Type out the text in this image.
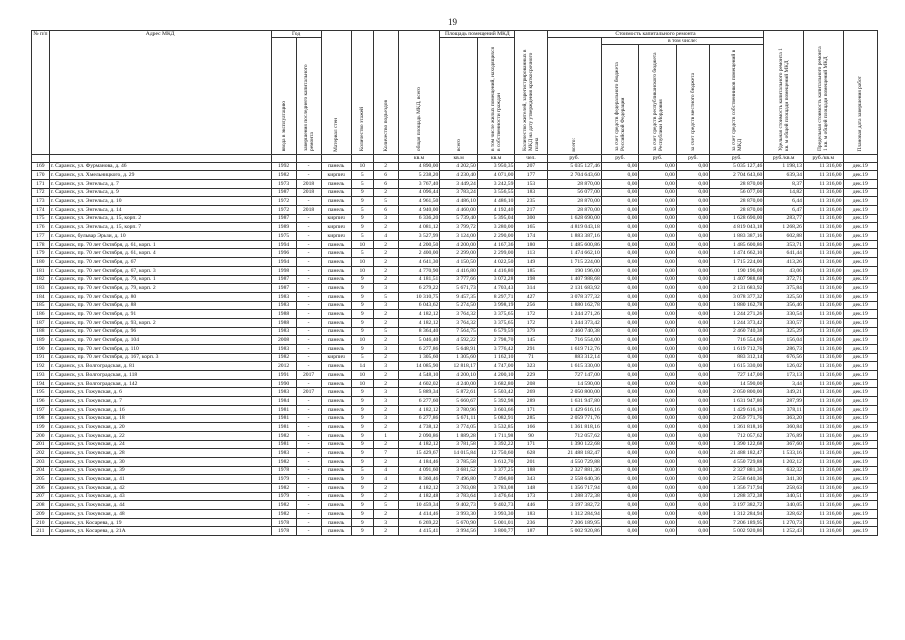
19
№ п/п	Адрес МКД	Год		Материал стен	Количество этажей	Количество подъездов	общая площадь МКД, всего	Площадь помещений МКД		Количество жителей, зарегистрированных в МКД на дату утверждения краткосрочного плана	Стоимость капитального ремонта					Удельная стоимость капитального ремонта 1 кв. м общей площади помещений МКД	Предельная стоимость капитального ремонта 1 кв. м общей площади помещений МКД	Плановая дата завершения работ
		ввода в эксплуатацию	завершения последнего капитального ремонта					всего	в том числе жилых помещений, находящихся в собственности граждан		всего:	в том числе:						
												за счет средств федерального бюджета Российской Федерации	за счет средств республиканского бюджета Республики Мордовия	за счет средств местного бюджета	за счет средств собственников помещений в МКД			
							кв.м	кв.м	кв.м	чел.	руб.	руб.	руб.	руб.	руб.	руб./кв.м	руб./кв.м	
169	г. Саранск, ул. Фурманова, д. 46	1992	-	панель	10	2	4 890,00	4 202,50	3 950,35	207	5 035 127,46	0,00	0,00	0,00	5 035 127,46	1 198,13	11 316,00	дек.19
170	г. Саранск, ул. Хмельницкого, д. 29	1982	-	кирпич	5	6	5 238,20	4 230,40	4 071,00	177	2 704 643,60	0,00	0,00	0,00	2 704 643,60	639,34	11 316,00	дек.19
171	г. Саранск, ул. Энгельса, д. 7	1973	2018	панель	5	6	3 767,40	3 449,24	3 242,59	153	28 870,00	0,00	0,00	0,00	28 870,00	8,37	11 316,00	дек.19
172	г. Саранск, ул. Энгельса, д. 9	1987	2018	панель	9	2	4 096,44	3 783,24	3 556,55	183	56 077,00	0,00	0,00	0,00	56 077,00	14,82	11 316,00	дек.19
173	г. Саранск, ул. Энгельса, д. 10	1972	-	панель	9	5	4 961,50	4 486,10	4 486,10	235	28 870,00	0,00	0,00	0,00	28 870,00	6,44	11 316,00	дек.19
174	г. Саранск, ул. Энгельса, д. 14	1972	2018	панель	5	6	4 940,00	4 460,00	4 192,40	217	28 870,00	0,00	0,00	0,00	28 870,00	6,47	11 316,00	дек.19
175	г. Саранск, ул. Энгельса, д. 15, корп. 2	1987	-	кирпич	9	3	6 336,20	5 739,40	5 395,04	300	1 628 690,00	0,00	0,00	0,00	1 628 690,00	283,77	11 316,00	дек.19
176	г. Саранск, ул. Энгельса, д. 15, корп. 7	1989	-	кирпич	9	2	4 081,12	3 799,72	3 280,00	165	4 819 043,18	0,00	0,00	0,00	4 819 043,18	1 268,26	11 316,00	дек.19
177	г. Саранск, бульвар Эрьзи, д. 10	1975	-	кирпич	5	4	3 527,99	3 124,00	2 290,00	174	1 883 387,16	0,00	0,00	0,00	1 883 387,16	602,88	11 316,00	дек.19
178	г. Саранск, пр. 70 лет Октября, д. 61, корп. 1	1994	-	панель	10	2	4 200,50	4 200,00	4 167,36	180	1 485 600,86	0,00	0,00	0,00	1 485 600,86	353,71	11 316,00	дек.19
179	г. Саранск, пр. 70 лет Октября, д. 61, корп. 4	1996	-	панель	5	2	2 400,00	2 299,00	2 299,00	113	1 474 662,10	0,00	0,00	0,00	1 474 662,10	641,44	11 316,00	дек.19
180	г. Саранск, пр. 70 лет Октября, д. 67	1994	-	панель	10	2	4 641,30	4 150,50	4 022,50	149	1 715 224,00	0,00	0,00	0,00	1 715 224,00	413,26	11 316,00	дек.19
181	г. Саранск, пр. 70 лет Октября, д. 67, корп. 3	1998	-	панель	10	2	4 770,90	4 416,80	4 416,80	185	190 196,00	0,00	0,00	0,00	190 196,00	43,06	11 316,00	дек.19
182	г. Саранск, пр. 70 лет Октября, д. 79, корп. 1	1987	-	панель	9	2	4 181,51	3 777,66	3 072,28	198	1 407 988,68	0,00	0,00	0,00	1 407 988,68	372,71	11 316,00	дек.19
183	г. Саранск, пр. 70 лет Октября, д. 79, корп. 2	1987	-	панель	9	3	6 279,22	5 671,73	4 703,43	314	2 131 683,92	0,00	0,00	0,00	2 131 683,92	375,84	11 316,00	дек.19
184	г. Саранск, пр. 70 лет Октября, д. 80	1983	-	панель	9	5	10 310,75	9 457,35	8 297,71	427	3 078 377,32	0,00	0,00	0,00	3 078 377,32	325,50	11 316,00	дек.19
185	г. Саранск, пр. 70 лет Октября, д. 88	1983	-	панель	9	3	6 043,62	5 274,50	3 998,19	256	1 880 162,78	0,00	0,00	0,00	1 880 162,78	356,46	11 316,00	дек.19
186	г. Саранск, пр. 70 лет Октября, д. 91	1988	-	панель	9	2	4 182,12	3 764,32	3 375,65	172	1 244 271,26	0,00	0,00	0,00	1 244 271,26	330,54	11 316,00	дек.19
187	г. Саранск, пр. 70 лет Октября, д. 93, корп. 2	1988	-	панель	9	2	4 182,12	3 764,32	3 375,65	172	1 244 373,42	0,00	0,00	0,00	1 244 373,42	330,57	11 316,00	дек.19
188	г. Саранск, пр. 70 лет Октября, д. 96	1983	-	панель	9	5	8 364,40	7 564,75	6 579,59	379	2 460 740,38	0,00	0,00	0,00	2 460 740,38	325,29	11 316,00	дек.19
189	г. Саранск, пр. 70 лет Октября, д. 104	2008	-	панель	10	2	5 046,40	4 592,22	2 798,70	145	716 554,00	0,00	0,00	0,00	716 554,00	156,04	11 316,00	дек.19
190	г. Саранск, пр. 70 лет Октября, д. 110	1983	-	панель	9	3	6 277,86	5 648,91	3 776,42	291	1 619 712,76	0,00	0,00	0,00	1 619 712,76	286,73	11 316,00	дек.19
191	г. Саранск, пр. 70 лет Октября, д. 167, корп. 3	1982	-	кирпич	5	2	1 305,60	1 305,60	1 162,10	71	883 312,14	0,00	0,00	0,00	883 312,14	676,56	11 316,00	дек.19
192	г. Саранск, ул. Волгоградская, д. 81	2012	-	панель	14	3	14 085,90	12 818,17	4 747,00	323	1 615 330,00	0,00	0,00	0,00	1 615 330,00	126,02	11 316,00	дек.19
193	г. Саранск, ул. Волгоградская, д. 118	1991	2017	панель	10	2	4 548,10	4 200,10	4 200,10	229	727 147,00	0,00	0,00	0,00	727 147,00	173,13	11 316,00	дек.19
194	г. Саранск, ул. Волгоградская, д. 142	1990	-	панель	10	2	4 602,02	4 240,00	3 682,80	208	14 590,00	0,00	0,00	0,00	14 590,00	3,44	11 316,00	дек.19
195	г. Саранск, ул. Гожувская, д. 6	1983	2017	панель	9	3	5 889,34	5 872,61	5 503,42	269	2 050 800,00	0,00	0,00	0,00	2 050 800,00	349,21	11 316,00	дек.19
196	г. Саранск, ул. Гожувская, д. 7	1984	-	панель	9	3	6 277,60	5 660,67	5 392,98	289	1 631 947,80	0,00	0,00	0,00	1 631 947,80	287,99	11 316,00	дек.19
197	г. Саранск, ул. Гожувская, д. 16	1981	-	панель	9	2	4 182,12	3 780,96	3 603,66	171	1 429 616,16	0,00	0,00	0,00	1 429 616,16	378,11	11 316,00	дек.19
198	г. Саранск, ул. Гожувская, д. 18	1981	-	панель	9	3	6 277,86	5 671,11	5 082,91	285	2 059 771,76	0,00	0,00	0,00	2 059 771,76	363,20	11 316,00	дек.19
199	г. Саранск, ул. Гожувская, д. 20	1981	-	панель	9	2	4 738,12	3 774,05	3 532,85	166	1 361 818,16	0,00	0,00	0,00	1 361 818,16	360,84	11 316,00	дек.19
200	г. Саранск, ул. Гожувская, д. 22	1982	-	панель	9	1	2 090,86	1 889,28	1 711,98	90	712 057,62	0,00	0,00	0,00	712 057,62	376,89	11 316,00	дек.19
201	г. Саранск, ул. Гожувская, д. 24	1981	-	панель	9	2	4 182,12	3 781,58	3 392,22	171	1 390 122,68	0,00	0,00	0,00	1 390 122,68	367,60	11 316,00	дек.19
202	г. Саранск, ул. Гожувская, д. 28	1983	-	панель	9	7	15 429,67	14 015,84	12 750,60	628	21 488 182,47	0,00	0,00	0,00	21 488 182,47	1 533,16	11 316,00	дек.19
203	г. Саранск, ул. Гожувская, д. 30	1982	-	панель	9	2	4 184,46	3 785,58	3 612,70	201	4 550 729,88	0,00	0,00	0,00	4 550 729,88	1 202,12	11 316,00	дек.19
204	г. Саранск, ул. Гожувская, д. 39	1978	-	панель	5	4	4 091,60	3 681,52	3 377,25	188	2 327 881,36	0,00	0,00	0,00	2 327 881,36	632,32	11 316,00	дек.19
205	г. Саранск, ул. Гожувская, д. 41	1979	-	панель	9	4	8 360,46	7 496,80	7 496,80	343	2 558 640,36	0,00	0,00	0,00	2 558 640,36	341,30	11 316,00	дек.19
206	г. Саранск, ул. Гожувская, д. 42	1982	-	панель	9	2	4 182,12	3 783,08	3 783,08	148	1 356 717,94	0,00	0,00	0,00	1 356 717,94	258,63	11 316,00	дек.19
207	г. Саранск, ул. Гожувская, д. 43	1979	-	панель	9	2	4 182,48	3 783,64	3 476,64	173	1 288 372,38	0,00	0,00	0,00	1 288 372,38	340,51	11 316,00	дек.19
208	г. Саранск, ул. Гожувская, д. 44	1982	-	панель	9	5	10 459,34	9 402,73	9 402,73	446	3 197 382,72	0,00	0,00	0,00	3 197 382,72	340,05	11 316,00	дек.19
209	г. Саранск, ул. Гожувская, д. 48	1982	-	панель	9	2	4 414,46	3 993,30	3 993,30	183	1 312 284,94	0,00	0,00	0,00	1 312 284,94	328,62	11 316,00	дек.19
210	г. Саранск, ул. Косарева, д. 19	1978	-	панель	9	3	6 269,22	5 670,90	5 001,01	236	7 206 189,95	0,00	0,00	0,00	7 206 189,95	1 270,73	11 316,00	дек.19
211	г. Саранск, ул. Косарева, д. 21А	1978	-	панель	9	2	4 415,41	3 994,56	3 800,77	187	5 002 920,86	0,00	0,00	0,00	5 002 920,86	1 252,43	11 316,00	дек.19
